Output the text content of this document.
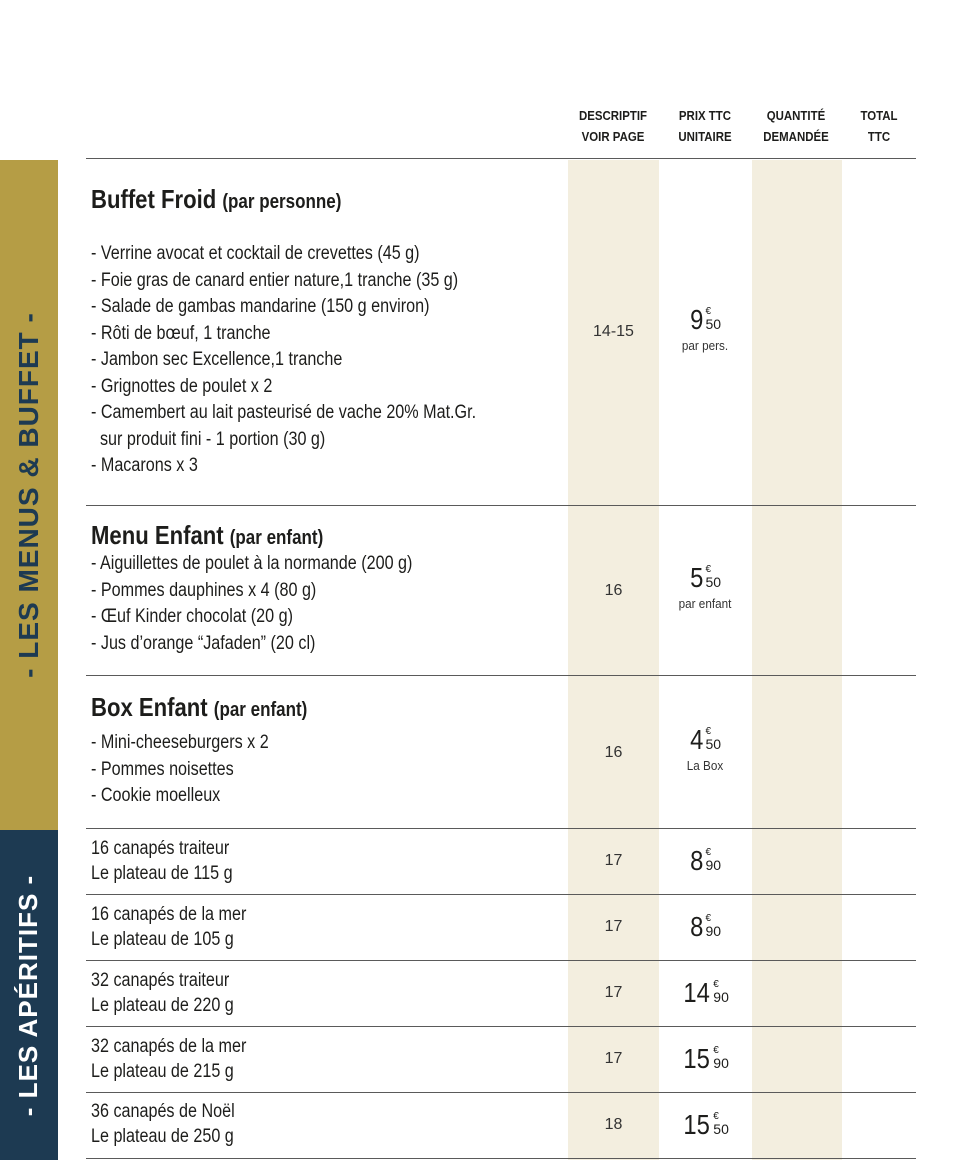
DESCRIPTIF
VOIR PAGE
PRIX TTC
UNITAIRE
QUANTITÉ
DEMANDÉE
TOTAL
TTC
- LES MENUS & BUFFET -
- LES APÉRITIFS -
Buffet Froid (par personne)
- Verrine avocat et cocktail de crevettes (45 g)
- Foie gras de canard entier nature,1 tranche (35 g)
- Salade de gambas mandarine (150 g environ)
- Rôti de bœuf, 1 tranche
- Jambon sec Excellence,1 tranche
- Grignottes de poulet x 2
- Camembert au lait pasteurisé de vache 20% Mat.Gr.
sur produit fini - 1 portion (30 g)
- Macarons x 3
14-15	9 €
50
par pers.
Menu Enfant (par enfant)
- Aiguillettes de poulet à la normande (200 g)
- Pommes dauphines x 4 (80 g)
- Œuf Kinder chocolat (20 g)
- Jus d’orange “Jafaden” (20 cl)
16	5 €
50
par enfant
Box Enfant (par enfant)
- Mini-cheeseburgers x 2
- Pommes noisettes
- Cookie moelleux
16	4 €
50
La Box
16 canapés traiteur
Le plateau de 115 g
17	8 €
90
16 canapés de la mer
Le plateau de 105 g
17	8 €
90
32 canapés traiteur
Le plateau de 220 g
17	14 €
90
32 canapés de la mer
Le plateau de 215 g
17	15 €
90
36 canapés de Noël
Le plateau de 250 g
18	15 €
50
